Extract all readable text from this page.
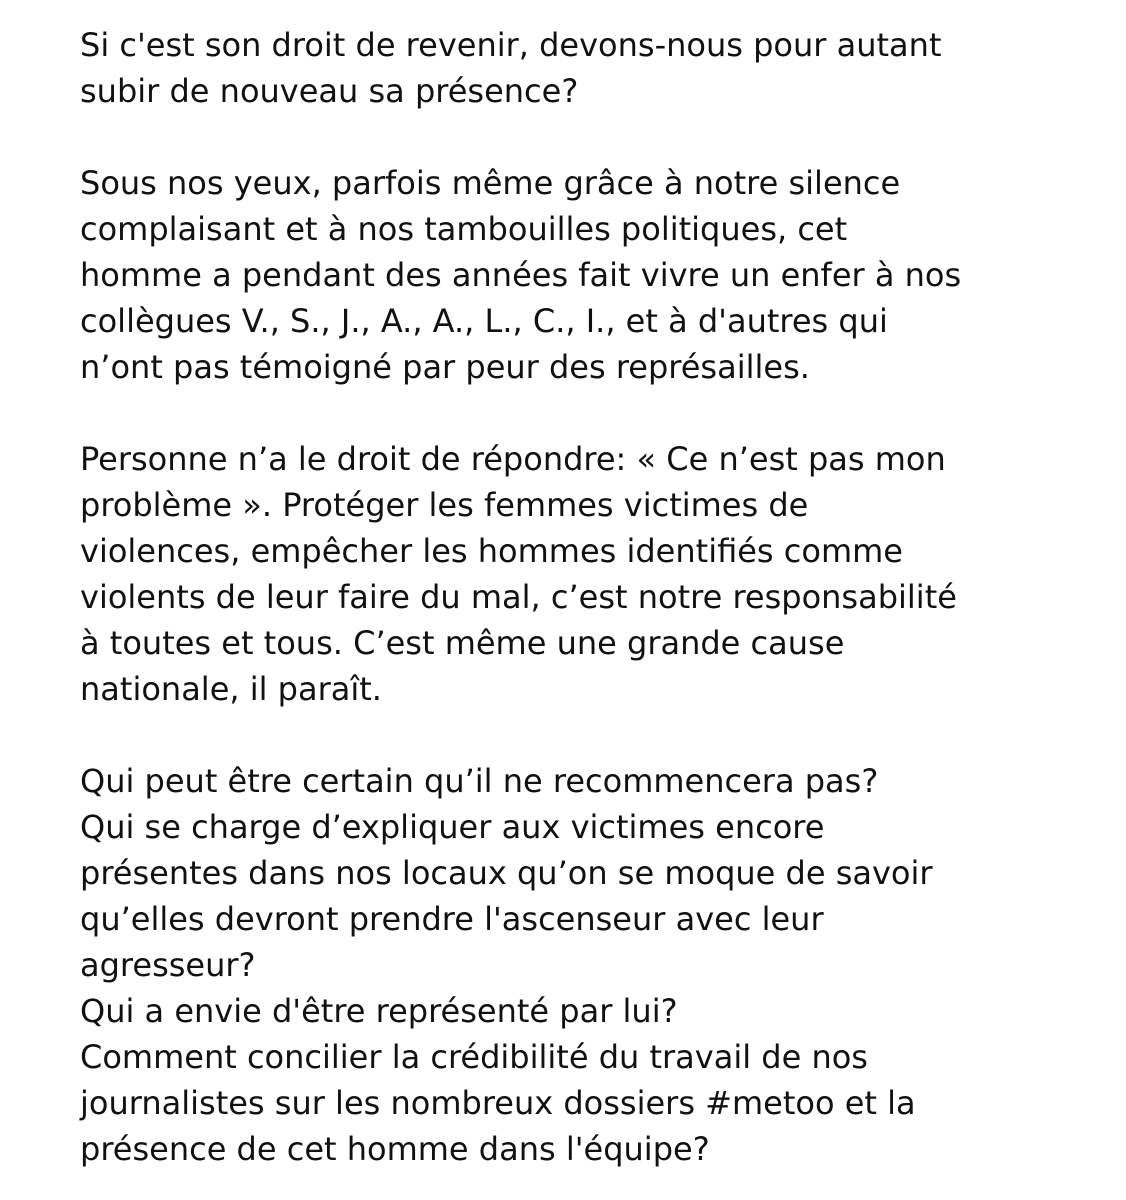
Si c'est son droit de revenir, devons-nous pour autant
subir de nouveau sa présence?

Sous nos yeux, parfois même grâce à notre silence
complaisant et à nos tambouilles politiques, cet
homme a pendant des années fait vivre un enfer à nos
collègues V., S., J., A., A., L., C., I., et à d'autres qui
n’ont pas témoigné par peur des représailles.

Personne n’a le droit de répondre: « Ce n’est pas mon
problème ». Protéger les femmes victimes de
violences, empêcher les hommes identifiés comme
violents de leur faire du mal, c’est notre responsabilité
à toutes et tous. C’est même une grande cause
nationale, il paraît.

Qui peut être certain qu’il ne recommencera pas?
Qui se charge d’expliquer aux victimes encore
présentes dans nos locaux qu’on se moque de savoir
qu’elles devront prendre l'ascenseur avec leur
agresseur?
Qui a envie d'être représenté par lui?
Comment concilier la crédibilité du travail de nos
journalistes sur les nombreux dossiers #metoo et la
présence de cet homme dans l'équipe?
